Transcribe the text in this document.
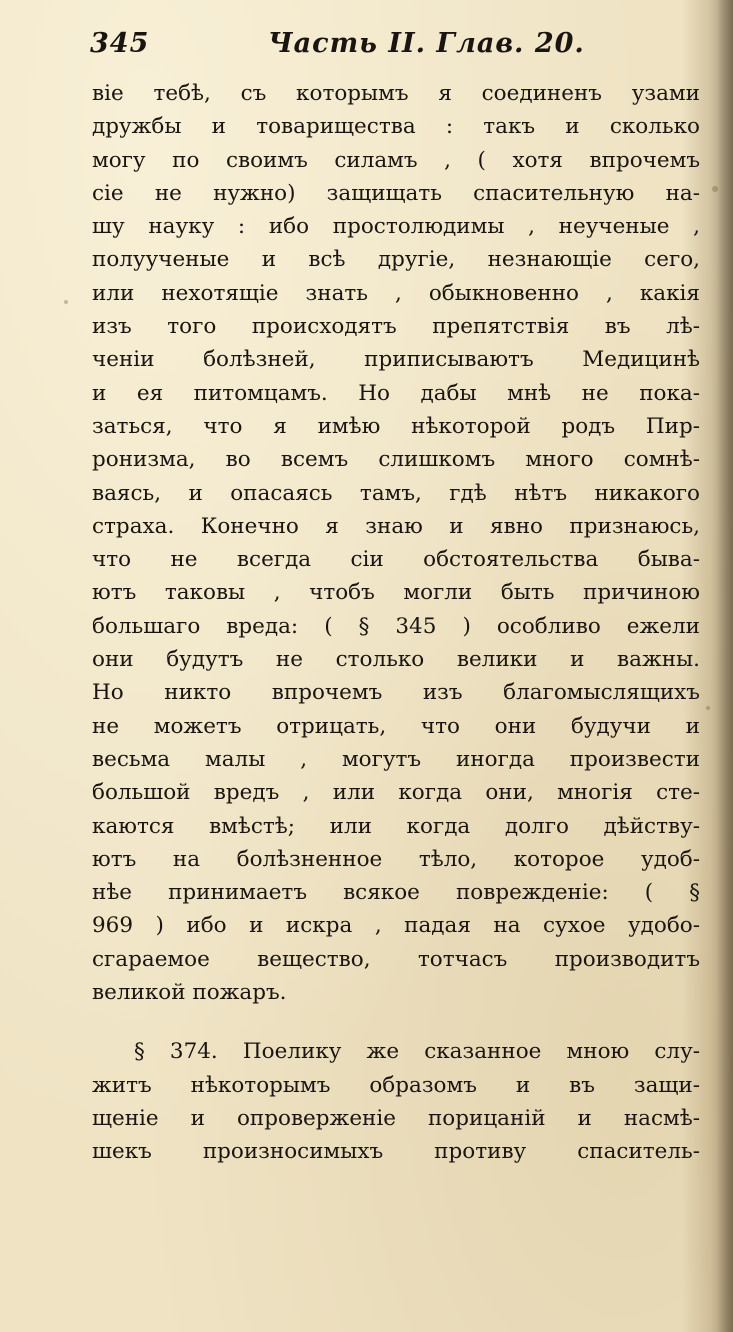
345	Часть II. Глав. 20.
віе тебѣ, съ которымъ я соединенъ узами
дружбы и товарищества : такъ и сколько
могу по своимъ силамъ , ( хотя впрочемъ
сіе не нужно) защищать спасительную на-
шу науку : ибо простолюдимы , неученые ,
полуученые и всѣ другіе, незнающіе сего,
или нехотящіе знать , обыкновенно , какія
изъ того происходятъ препятствія въ лѣ-
ченіи болѣзней, приписываютъ Медицинѣ
и ея питомцамъ. Но дабы мнѣ не пока-
заться, что я имѣю нѣкоторой родъ Пир-
ронизма, во всемъ слишкомъ много сомнѣ-
ваясь, и опасаясь тамъ, гдѣ нѣтъ никакого
страха. Конечно я знаю и явно признаюсь,
что не всегда сіи обстоятельства быва-
ютъ таковы , чтобъ могли быть причиною
большаго вреда: ( § 345 ) особливо ежели
они будутъ не столько велики и важны.
Но никто впрочемъ изъ благомыслящихъ
не можетъ отрицать, что они будучи и
весьма малы , могутъ иногда произвести
большой вредъ , или когда они, многія сте-
каются вмѣстѣ; или когда долго дѣйству-
ютъ на болѣзненное тѣло, которое удоб-
нѣе принимаетъ всякое поврежденіе: ( §
969 ) ибо и искра , падая на сухое удобо-
сгараемое вещество, тотчасъ производитъ
великой пожаръ.
§ 374. Поелику же сказанное мною слу-
житъ нѣкоторымъ образомъ и въ защи-
щеніе и опроверженіе порицаній и насмѣ-
шекъ произносимыхъ противу спаситель-
